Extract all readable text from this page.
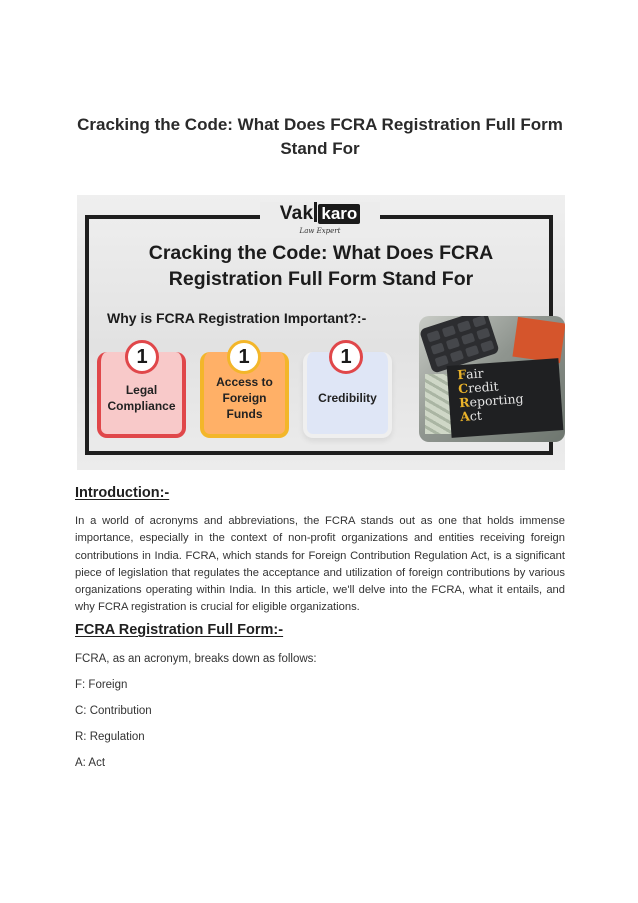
Cracking the Code: What Does FCRA Registration Full Form Stand For
Vak karo
Law Expert
Cracking the Code: What Does FCRA Registration Full Form Stand For
Why is FCRA Registration Important?:-
Legal Compliance
Access to Foreign Funds
Credibility
1	1	1
Fair
Credit
Reporting
Act
Introduction:-

In a world of acronyms and abbreviations, the FCRA stands out as one that holds immense importance, especially in the context of non-profit organizations and entities receiving foreign contributions in India. FCRA, which stands for Foreign Contribution Regulation Act, is a significant piece of legislation that regulates the acceptance and utilization of foreign contributions by various organizations operating within India. In this article, we'll delve into the FCRA, what it entails, and why FCRA registration is crucial for eligible organizations.

FCRA Registration Full Form:-
FCRA, as an acronym, breaks down as follows:
F: Foreign
C: Contribution
R: Regulation
A: Act
